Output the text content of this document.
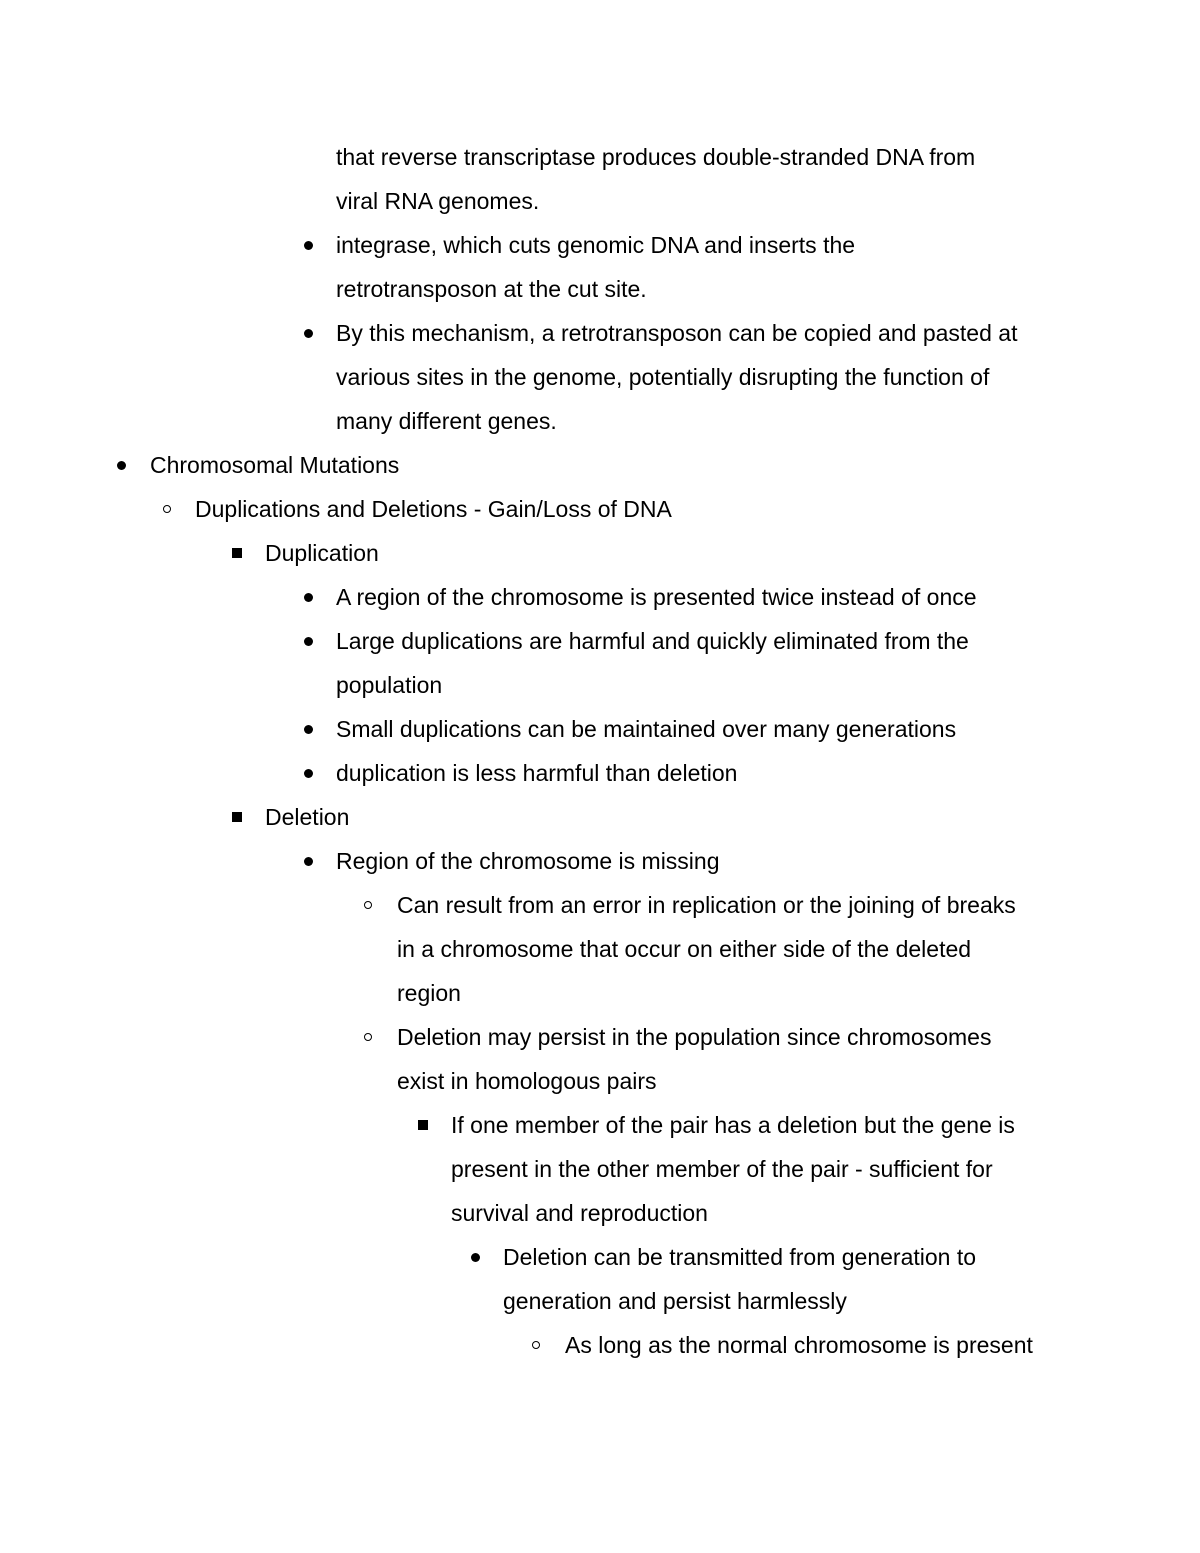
that reverse transcriptase produces double-stranded DNA from
viral RNA genomes.
integrase, which cuts genomic DNA and inserts the
retrotransposon at the cut site.
By this mechanism, a retrotransposon can be copied and pasted at
various sites in the genome, potentially disrupting the function of
many different genes.
Chromosomal Mutations
Duplications and Deletions - Gain/Loss of DNA
Duplication
A region of the chromosome is presented twice instead of once
Large duplications are harmful and quickly eliminated from the
population
Small duplications can be maintained over many generations
duplication is less harmful than deletion
Deletion
Region of the chromosome is missing
Can result from an error in replication or the joining of breaks
in a chromosome that occur on either side of the deleted
region
Deletion may persist in the population since chromosomes
exist in homologous pairs
If one member of the pair has a deletion but the gene is
present in the other member of the pair - sufficient for
survival and reproduction
Deletion can be transmitted from generation to
generation and persist harmlessly
As long as the normal chromosome is present
